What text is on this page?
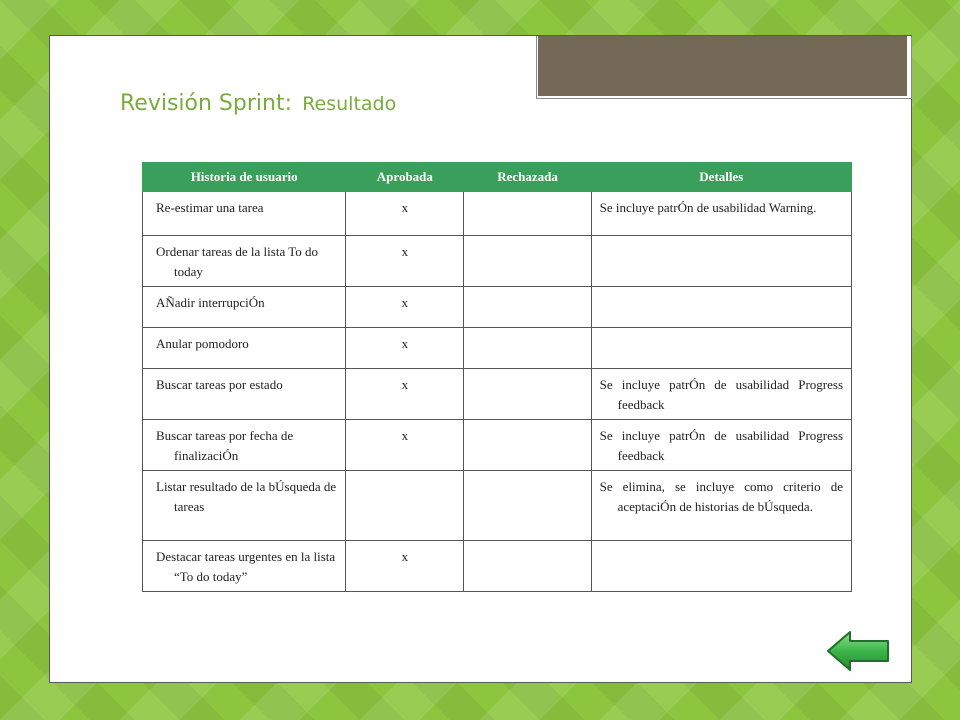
Revisión Sprint: Resultado
Historia de usuario	Aprobada	Rechazada	Detalles

Re-estimar una tarea	x		Se incluye patrÓn de usabilidad Warning.

Ordenar tareas de la lista To do today	x		

AÑadir interrupciÓn	x		

Anular pomodoro	x		

Buscar tareas por estado	x		Se incluye patrÓn de usabilidad Progress feedback

Buscar tareas por fecha de finalizaciÓn	x		Se incluye patrÓn de usabilidad Progress feedback

Listar resultado de la bÚsqueda de tareas			Se elimina, se incluye como criterio de aceptaciÓn de historias de bÚsqueda.

Destacar tareas urgentes en la lista “To do today”	x		
